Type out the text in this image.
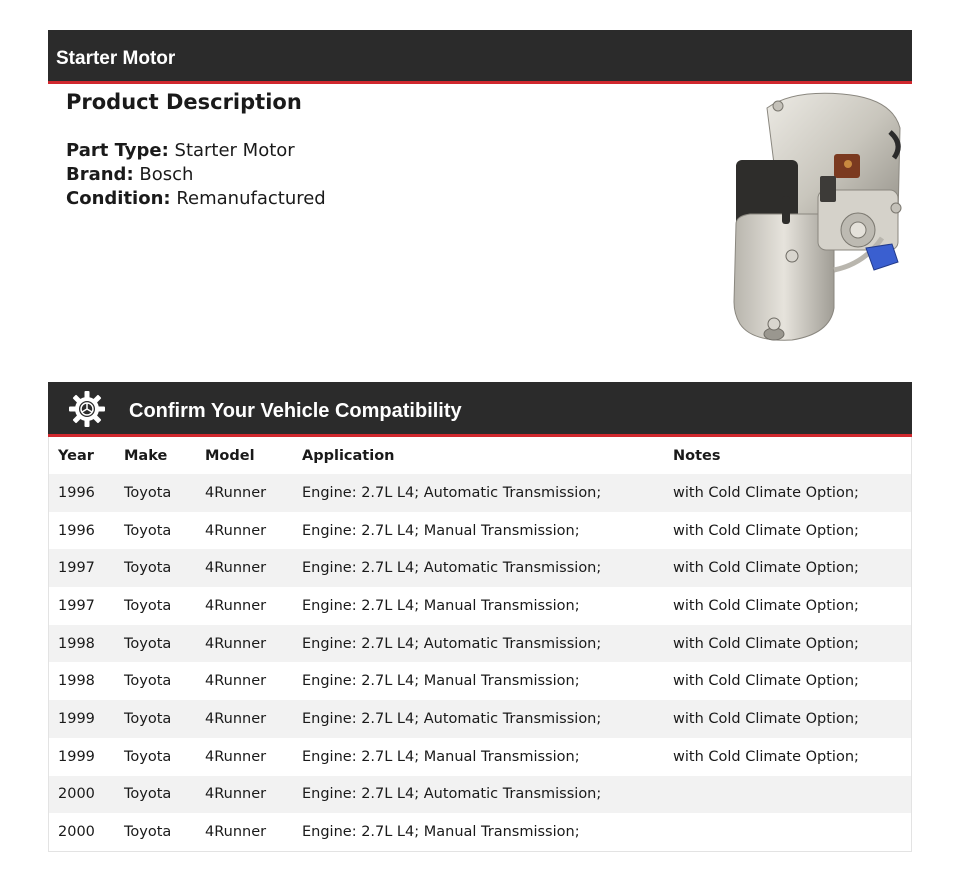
Starter Motor
Product Description
Part Type: Starter Motor
Brand: Bosch
Condition: Remanufactured
Confirm Your Vehicle Compatibility
Year	Make	Model	Application	Notes
1996	Toyota	4Runner	Engine: 2.7L L4; Automatic Transmission;	with Cold Climate Option;
1996	Toyota	4Runner	Engine: 2.7L L4; Manual Transmission;	with Cold Climate Option;
1997	Toyota	4Runner	Engine: 2.7L L4; Automatic Transmission;	with Cold Climate Option;
1997	Toyota	4Runner	Engine: 2.7L L4; Manual Transmission;	with Cold Climate Option;
1998	Toyota	4Runner	Engine: 2.7L L4; Automatic Transmission;	with Cold Climate Option;
1998	Toyota	4Runner	Engine: 2.7L L4; Manual Transmission;	with Cold Climate Option;
1999	Toyota	4Runner	Engine: 2.7L L4; Automatic Transmission;	with Cold Climate Option;
1999	Toyota	4Runner	Engine: 2.7L L4; Manual Transmission;	with Cold Climate Option;
2000	Toyota	4Runner	Engine: 2.7L L4; Automatic Transmission;	
2000	Toyota	4Runner	Engine: 2.7L L4; Manual Transmission;	
